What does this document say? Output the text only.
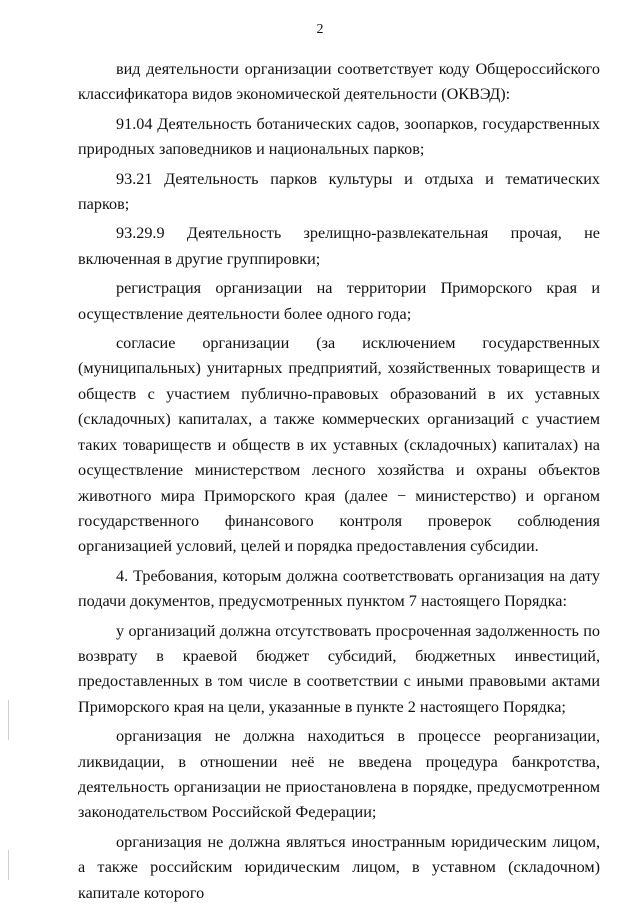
2

вид деятельности организации соответствует коду Общероссийского классификатора видов экономической деятельности (ОКВЭД):

91.04 Деятельность ботанических садов, зоопарков, государственных природных заповедников и национальных парков;

93.21 Деятельность парков культуры и отдыха и тематических парков;

93.29.9 Деятельность зрелищно-развлекательная прочая, не включенная в другие группировки;

регистрация организации на территории Приморского края и осуществление деятельности более одного года;

согласие организации (за исключением государственных (муниципальных) унитарных предприятий, хозяйственных товариществ и обществ с участием публично-правовых образований в их уставных (складочных) капиталах, а также коммерческих организаций с участием таких товариществ и обществ в их уставных (складочных) капиталах) на осуществление министерством лесного хозяйства и охраны объектов животного мира Приморского края (далее − министерство) и органом государственного финансового контроля проверок соблюдения организацией условий, целей и порядка предоставления субсидии.

4. Требования, которым должна соответствовать организация на дату подачи документов, предусмотренных пунктом 7 настоящего Порядка:

у организаций должна отсутствовать просроченная задолженность по возврату в краевой бюджет субсидий, бюджетных инвестиций, предоставленных в том числе в соответствии с иными правовыми актами Приморского края на цели, указанные в пункте 2 настоящего Порядка;

организация не должна находиться в процессе реорганизации, ликвидации, в отношении неё не введена процедура банкротства, деятельность организации не приостановлена в порядке, предусмотренном законодательством Российской Федерации;

организация не должна являться иностранным юридическим лицом, а также российским юридическим лицом, в уставном (складочном) капитале которого
